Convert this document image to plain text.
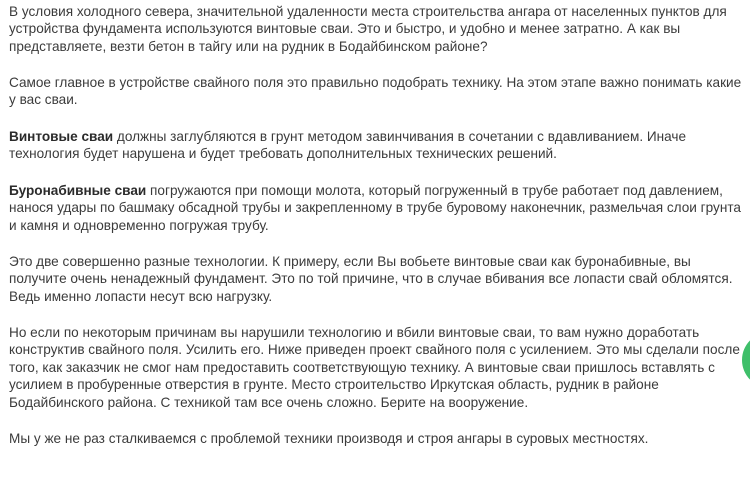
В условия холодного севера, значительной удаленности места строительства ангара от населенных пунктов для устройства фундамента используются винтовые сваи. Это и быстро, и удобно и менее затратно. А как вы представляете, везти бетон в тайгу или на рудник в Бодайбинском районе?

Самое главное в устройстве свайного поля это правильно подобрать технику. На этом этапе важно понимать какие у вас сваи.

Винтовые сваи должны заглубляются в грунт методом завинчивания в сочетании с вдавливанием. Иначе технология будет нарушена и будет требовать дополнительных технических решений.

Буронабивные сваи погружаются при помощи молота, который погруженный в трубе работает под давлением, нанося удары по башмаку обсадной трубы и закрепленному в трубе буровому наконечник, размельчая слои грунта и камня и одновременно погружая трубу.

Это две совершенно разные технологии. К примеру, если Вы вобьете винтовые сваи как буронабивные, вы получите очень ненадежный фундамент. Это по той причине, что в случае вбивания все лопасти свай обломятся. Ведь именно лопасти несут всю нагрузку.

Но если по некоторым причинам вы нарушили технологию и вбили винтовые сваи, то вам нужно доработать конструктив свайного поля. Усилить его. Ниже приведен проект свайного поля с усилением. Это мы сделали после того, как заказчик не смог нам предоставить соответствующую технику. А винтовые сваи пришлось вставлять с усилием в пробуренные отверстия в грунте. Место строительство Иркутская область, рудник в районе Бодайбинского района. С техникой там все очень сложно. Берите на вооружение.

Мы у же не раз сталкиваемся с проблемой техники производя и строя ангары в суровых местностях.
